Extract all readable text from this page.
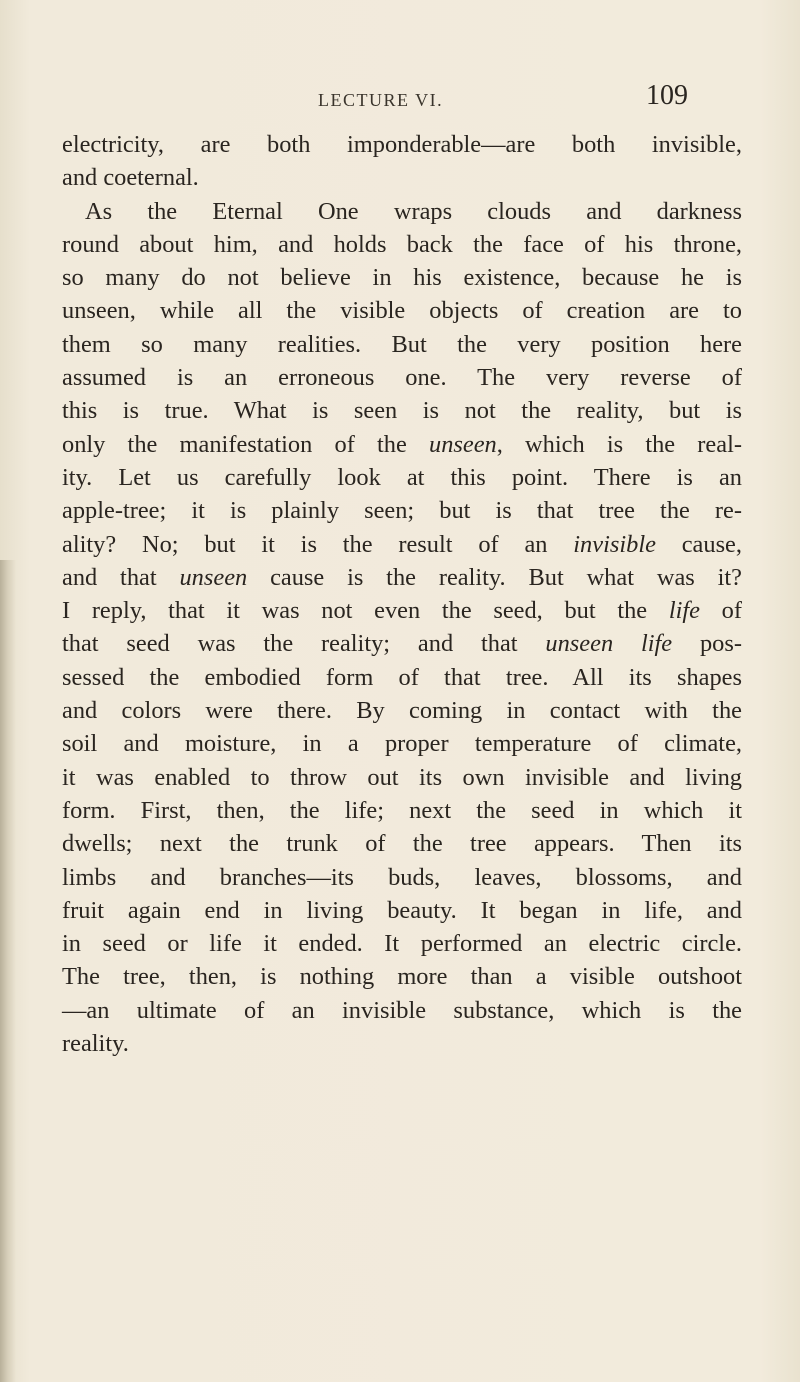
LECTURE VI.	109
electricity, are both imponderable—are both invisible,
and coeternal.
As the Eternal One wraps clouds and darkness
round about him, and holds back the face of his throne,
so many do not believe in his existence, because he is
unseen, while all the visible objects of creation are to
them so many realities. But the very position here
assumed is an erroneous one. The very reverse of
this is true. What is seen is not the reality, but is
only the manifestation of the unseen, which is the real-
ity. Let us carefully look at this point. There is an
apple-tree; it is plainly seen; but is that tree the re-
ality? No; but it is the result of an invisible cause,
and that unseen cause is the reality. But what was it?
I reply, that it was not even the seed, but the life of
that seed was the reality; and that unseen life pos-
sessed the embodied form of that tree. All its shapes
and colors were there. By coming in contact with the
soil and moisture, in a proper temperature of climate,
it was enabled to throw out its own invisible and living
form. First, then, the life; next the seed in which it
dwells; next the trunk of the tree appears. Then its
limbs and branches—its buds, leaves, blossoms, and
fruit again end in living beauty. It began in life, and
in seed or life it ended. It performed an electric circle.
The tree, then, is nothing more than a visible outshoot
—an ultimate of an invisible substance, which is the
reality.
